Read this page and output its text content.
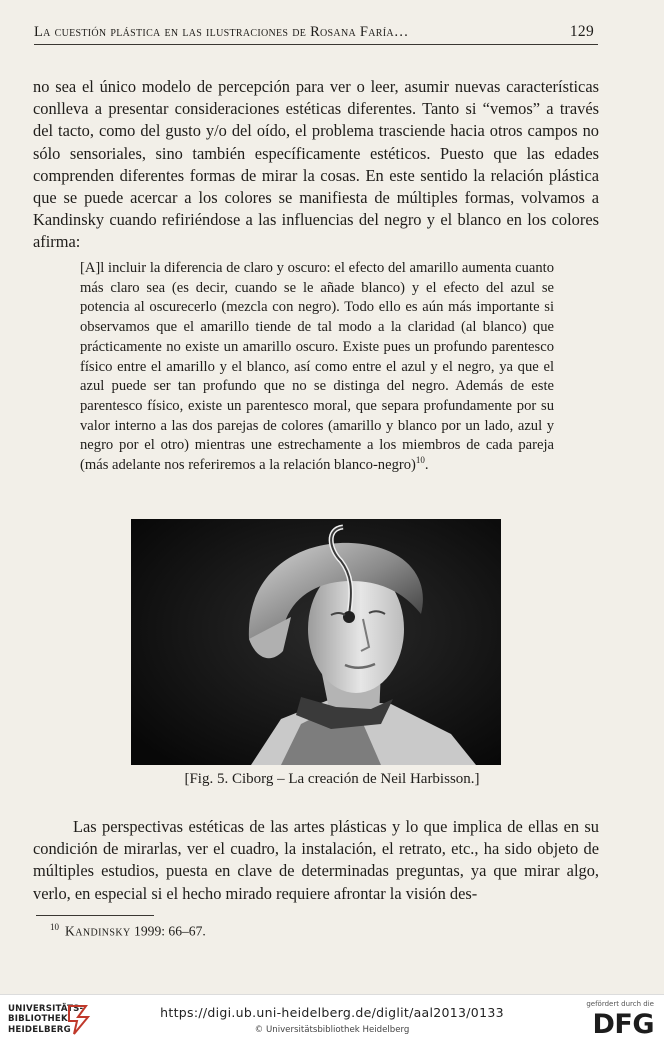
La cuestión plástica en las ilustraciones de Rosana Faría…	129

no sea el único modelo de percepción para ver o leer, asumir nuevas características conlleva a presentar consideraciones estéticas diferentes. Tanto si “vemos” a través del tacto, como del gusto y/o del oído, el problema trasciende hacia otros campos no sólo sensoriales, sino también específicamente estéticos. Puesto que las edades comprenden diferentes formas de mirar la cosas. En este sentido la relación plástica que se puede acercar a los colores se manifiesta de múltiples formas, volvamos a Kandinsky cuando refiriéndose a las influencias del negro y el blanco en los colores afirma:

[A]l incluir la diferencia de claro y oscuro: el efecto del amarillo aumenta cuanto más claro sea (es decir, cuando se le añade blanco) y el efecto del azul se potencia al oscurecerlo (mezcla con negro). Todo ello es aún más importante si observamos que el amarillo tiende de tal modo a la claridad (al blanco) que prácticamente no existe un amarillo oscuro. Existe pues un profundo parentesco físico entre el amarillo y el blanco, así como entre el azul y el negro, ya que el azul puede ser tan profundo que no se distinga del negro. Además de este parentesco físico, existe un parentesco moral, que separa profundamente por su valor interno a las dos parejas de colores (amarillo y blanco por un lado, azul y negro por el otro) mientras une estrechamente a los miembros de cada pareja (más adelante nos referiremos a la relación blanco-negro)$^{10}$.

[Fig. 5. Ciborg – La creación de Neil Harbisson.]

Las perspectivas estéticas de las artes plásticas y lo que implica de ellas en su condición de mirarlas, ver el cuadro, la instalación, el retrato, etc., ha sido objeto de múltiples estudios, puesta en clave de determinadas preguntas, ya que mirar algo, verlo, en especial si el hecho mirado requiere afrontar la visión des-

$^{10}$ Kandinsky 1999: 66–67.
UNIVERSITÄTS-
BIBLIOTHEK
HEIDELBERG
https://digi.ub.uni-heidelberg.de/diglit/aal2013/0133
© Universitätsbibliothek Heidelberg
gefördert durch die
DFG
